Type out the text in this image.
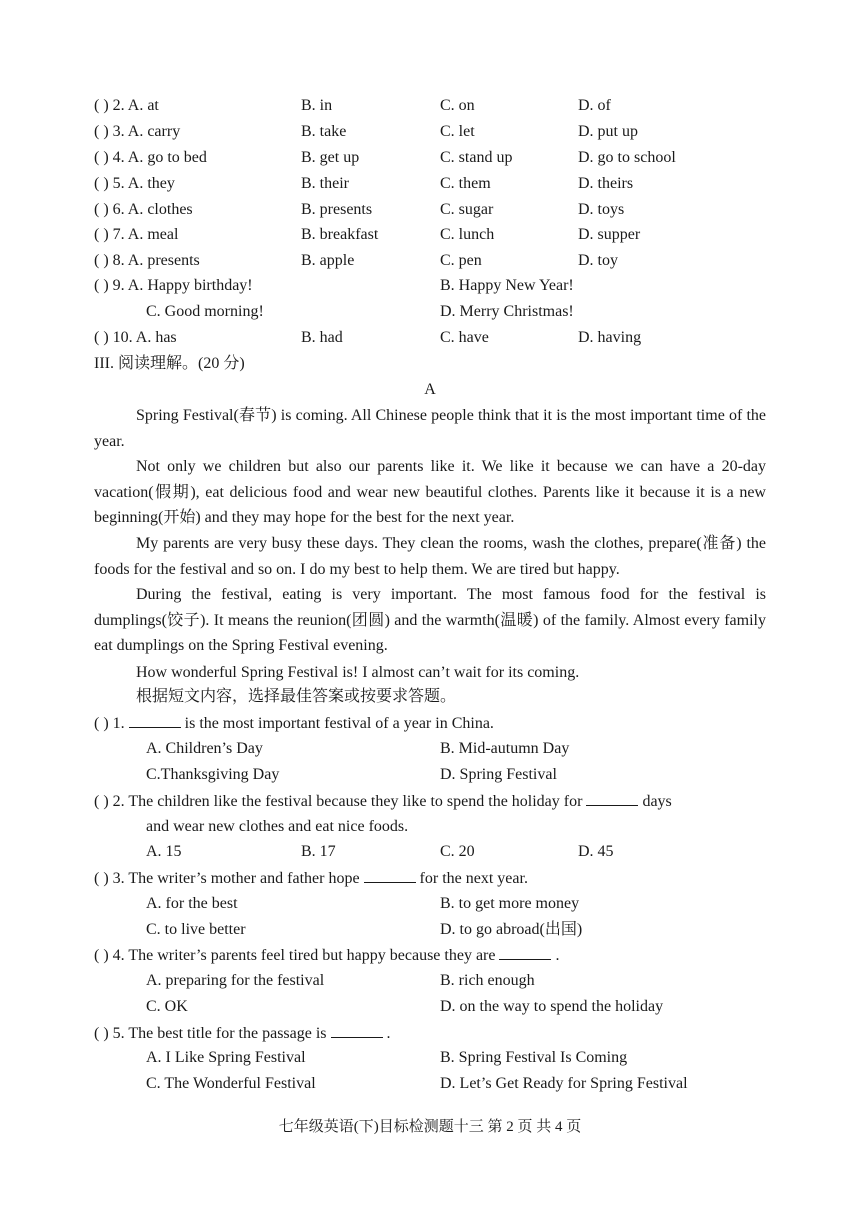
( ) 2. A. at	B. in	C. on	D. of
( ) 3. A. carry	B. take	C. let	D. put up
( ) 4. A. go to bed	B. get up	C. stand up	D. go to school
( ) 5. A. they	B. their	C. them	D. theirs
( ) 6. A. clothes	B. presents	C. sugar	D. toys
( ) 7. A. meal	B. breakfast	C. lunch	D. supper
( ) 8. A. presents	B. apple	C. pen	D. toy
( ) 9. A. Happy birthday!	B. Happy New Year!
C. Good morning!	D. Merry Christmas!
( ) 10. A. has	B. had	C. have	D. having
III. 阅读理解。(20 分)
A
Spring Festival(春节) is coming. All Chinese people think that it is the most important time of the year.
Not only we children but also our parents like it. We like it because we can have a 20-day vacation(假期), eat delicious food and wear new beautiful clothes. Parents like it because it is a new beginning(开始) and they may hope for the best for the next year.
My parents are very busy these days. They clean the rooms, wash the clothes, prepare(准备) the foods for the festival and so on. I do my best to help them. We are tired but happy.
During the festival, eating is very important. The most famous food for the festival is dumplings(饺子). It means the reunion(团圆) and the warmth(温暖) of the family. Almost every family eat dumplings on the Spring Festival evening.
How wonderful Spring Festival is! I almost can’t wait for its coming.
根据短文内容，选择最佳答案或按要求答题。
( ) 1.	is the most important festival of a year in China.
A. Children’s Day	B. Mid-autumn Day
C.Thanksgiving Day	D. Spring Festival
( ) 2. The children like the festival because they like to spend the holiday for	days
and wear new clothes and eat nice foods.
A. 15	B. 17	C. 20	D. 45
( ) 3. The writer’s mother and father hope	for the next year.
A. for the best	B. to get more money
C. to live better	D. to go abroad(出国)
( ) 4. The writer’s parents feel tired but happy because they are	.
A. preparing for the festival	B. rich enough
C. OK	D. on the way to spend the holiday
( ) 5. The best title for the passage is	.
A. I Like Spring Festival	B. Spring Festival Is Coming
C. The Wonderful Festival	D. Let’s Get Ready for Spring Festival
七年级英语(下)目标检测题十三 第 2 页 共 4 页
